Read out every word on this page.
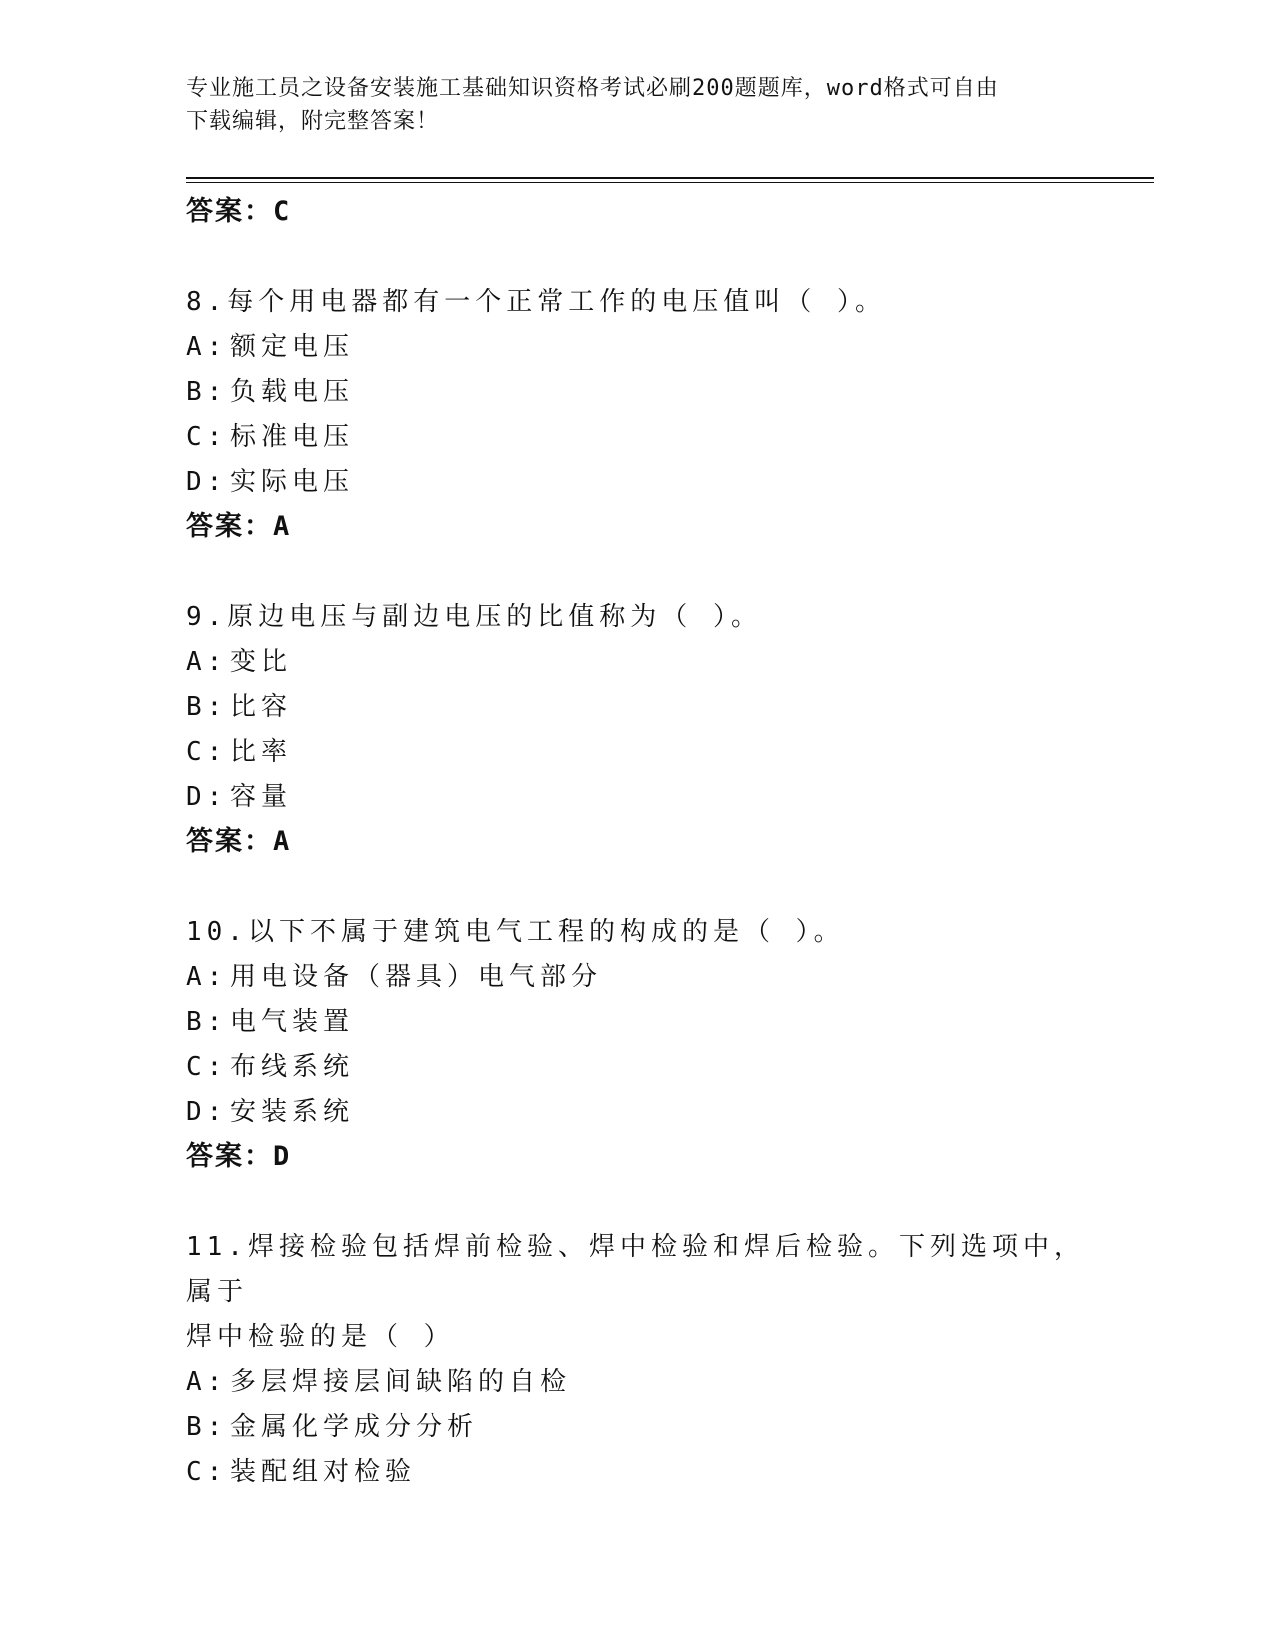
专业施工员之设备安装施工基础知识资格考试必刷200题题库，word格式可自由
下载编辑，附完整答案！
答案：C
8.每个用电器都有一个正常工作的电压值叫（ ）。
A: 额定电压
B: 负载电压
C: 标准电压
D: 实际电压
答案：A
9.原边电压与副边电压的比值称为（ ）。
A: 变比
B: 比容
C: 比率
D: 容量
答案：A
10.以下不属于建筑电气工程的构成的是（ ）。
A: 用电设备（器具）电气部分
B: 电气装置
C: 布线系统
D: 安装系统
答案：D
11.焊接检验包括焊前检验、焊中检验和焊后检验。下列选项中，属于
焊中检验的是（ ）
A: 多层焊接层间缺陷的自检
B: 金属化学成分分析
C: 装配组对检验
